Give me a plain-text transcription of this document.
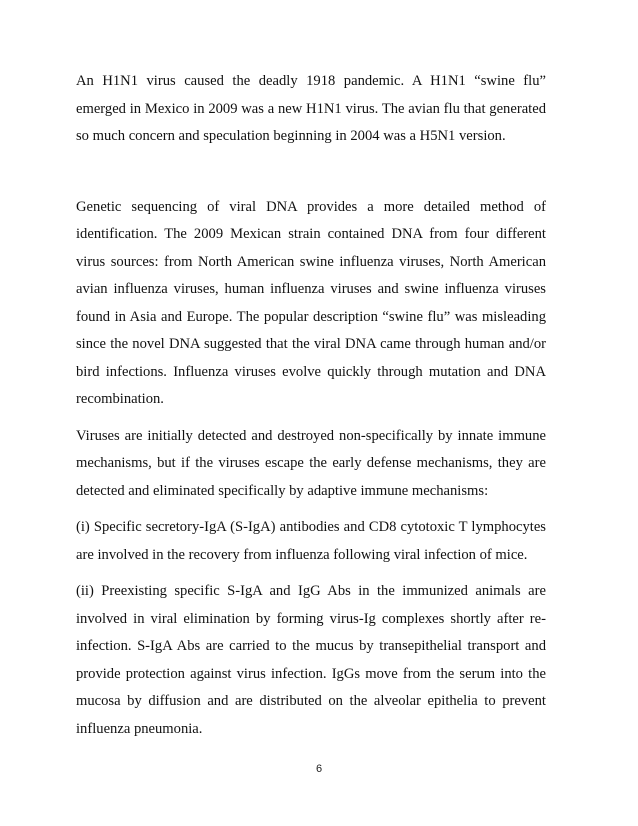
An H1N1 virus caused the deadly 1918 pandemic. A H1N1 “swine flu” emerged in Mexico in 2009 was a new H1N1 virus. The avian flu that generated so much concern and speculation beginning in 2004 was a H5N1 version.

Genetic sequencing of viral DNA provides a more detailed method of identification. The 2009 Mexican strain contained DNA from four different virus sources: from North American swine influenza viruses, North American avian influenza viruses, human influenza viruses and swine influenza viruses found in Asia and Europe. The popular description “swine flu” was misleading since the novel DNA suggested that the viral DNA came through human and/or bird infections. Influenza viruses evolve quickly through mutation and DNA recombination.

Viruses are initially detected and destroyed non-specifically by innate immune mechanisms, but if the viruses escape the early defense mechanisms, they are detected and eliminated specifically by adaptive immune mechanisms:

(i) Specific secretory-IgA (S-IgA) antibodies and CD8 cytotoxic T lymphocytes are involved in the recovery from influenza following viral infection of mice.

(ii) Preexisting specific S-IgA and IgG Abs in the immunized animals are involved in viral elimination by forming virus-Ig complexes shortly after re-infection. S-IgA Abs are carried to the mucus by transepithelial transport and provide protection against virus infection. IgGs move from the serum into the mucosa by diffusion and are distributed on the alveolar epithelia to prevent influenza pneumonia.

6
